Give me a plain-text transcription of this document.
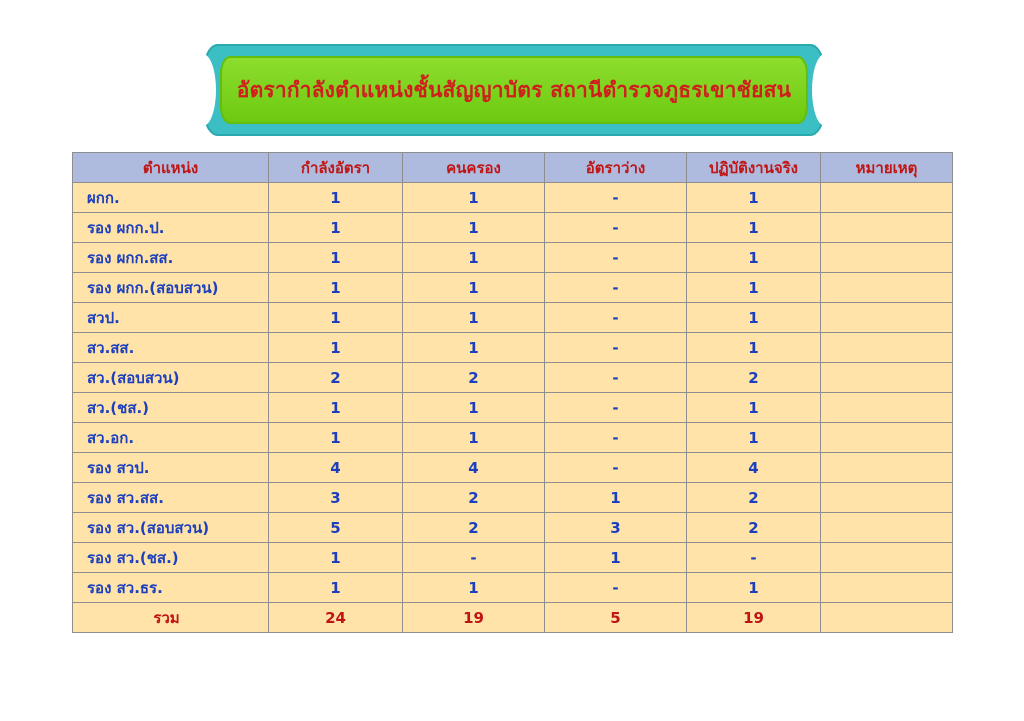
อัตรากำลังตำแหน่งชั้นสัญญาบัตร สถานีตำรวจภูธรเขาชัยสน
ตำแหน่ง	กำลังอัตรา	คนครอง	อัตราว่าง	ปฏิบัติงานจริง	หมายเหตุ
ผกก.	1	1	-	1	
รอง ผกก.ป.	1	1	-	1	
รอง ผกก.สส.	1	1	-	1	
รอง ผกก.(สอบสวน)	1	1	-	1	
สวป.	1	1	-	1	
สว.สส.	1	1	-	1	
สว.(สอบสวน)	2	2	-	2	
สว.(ชส.)	1	1	-	1	
สว.อก.	1	1	-	1	
รอง สวป.	4	4	-	4	
รอง สว.สส.	3	2	1	2	
รอง สว.(สอบสวน)	5	2	3	2	
รอง สว.(ชส.)	1	-	1	-	
รอง สว.ธร.	1	1	-	1	
รวม	24	19	5	19	
